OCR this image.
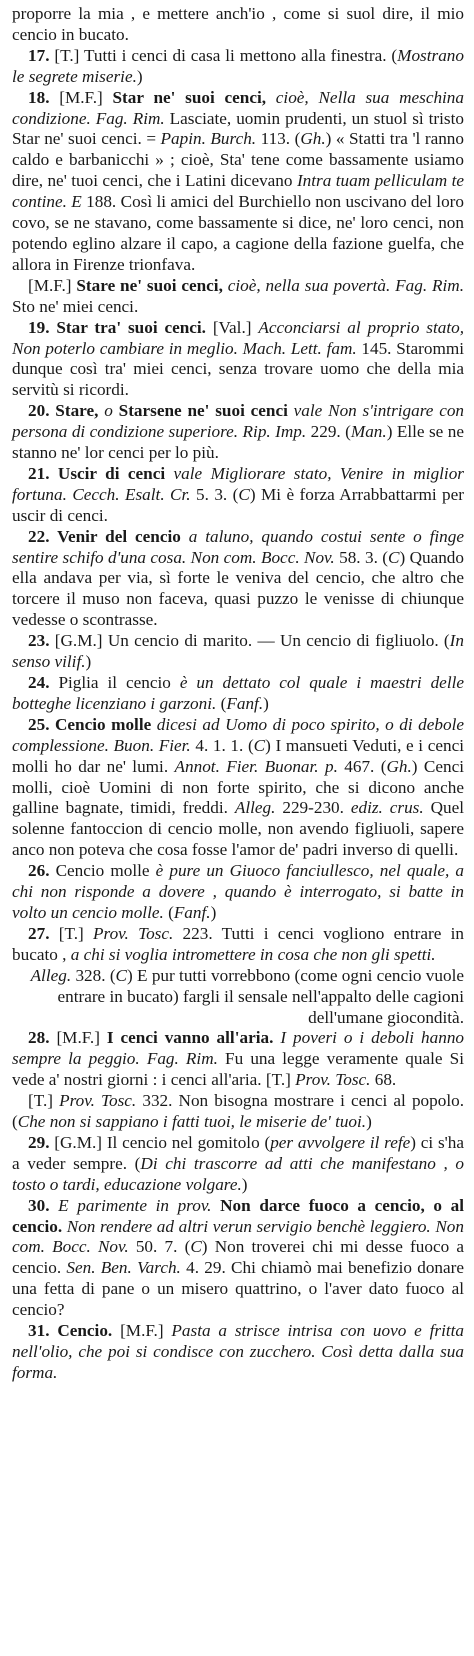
proporre la mia , e mettere anch'io , come si suol dire, il mio cencio in bucato.

17. [T.] Tutti i cenci di casa li mettono alla finestra. (Mostrano le segrete miserie.)

18. [M.F.] Star ne' suoi cenci, cioè, Nella sua meschina condizione. Fag. Rim. Lasciate, uomin prudenti, un stuol sì tristo Star ne' suoi cenci. = Papin. Burch. 113. (Gh.) « Statti tra 'l ranno caldo e barbanicchi » ; cioè, Sta' tene come bassamente usiamo dire, ne' tuoi cenci, che i Latini dicevano Intra tuam pelliculam te contine. E 188. Così li amici del Burchiello non uscivano del loro covo, se ne stavano, come bassamente si dice, ne' loro cenci, non potendo eglino alzare il capo, a cagione della fazione guelfa, che allora in Firenze trionfava.

[M.F.] Stare ne' suoi cenci, cioè, nella sua povertà. Fag. Rim. Sto ne' miei cenci.

19. Star tra' suoi cenci. [Val.] Acconciarsi al proprio stato, Non poterlo cambiare in meglio. Mach. Lett. fam. 145. Starommi dunque così tra' miei cenci, senza trovare uomo che della mia servitù si ricordi.

20. Stare, o Starsene ne' suoi cenci vale Non s'intrigare con persona di condizione superiore. Rip. Imp. 229. (Man.) Elle se ne stanno ne' lor cenci per lo più.

21. Uscir di cenci vale Migliorare stato, Venire in miglior fortuna. Cecch. Esalt. Cr. 5. 3. (C) Mi è forza Arrabbattarmi per uscir di cenci.

22. Venir del cencio a taluno, quando costui sente o finge sentire schifo d'una cosa. Non com. Bocc. Nov. 58. 3. (C) Quando ella andava per via, sì forte le veniva del cencio, che altro che torcere il muso non faceva, quasi puzzo le venisse di chiunque vedesse o scontrasse.

23. [G.M.] Un cencio di marito. — Un cencio di figliuolo. (In senso vilif.)

24. Piglia il cencio è un dettato col quale i maestri delle botteghe licenziano i garzoni. (Fanf.)

25. Cencio molle dicesi ad Uomo di poco spirito, o di debole complessione. Buon. Fier. 4. 1. 1. (C) I mansueti Veduti, e i cenci molli ho dar ne' lumi. Annot. Fier. Buonar. p. 467. (Gh.) Cenci molli, cioè Uomini di non forte spirito, che si dicono anche galline bagnate, timidi, freddi. Alleg. 229-230. ediz. crus. Quel solenne fantoccion di cencio molle, non avendo figliuoli, sapere anco non poteva che cosa fosse l'amor de' padri inverso di quelli.

26. Cencio molle è pure un Giuoco fanciullesco, nel quale, a chi non risponde a dovere , quando è interrogato, si batte in volto un cencio molle. (Fanf.)

27. [T.] Prov. Tosc. 223. Tutti i cenci vogliono entrare in bucato , a chi si voglia intromettere in cosa che non gli spetti.

Alleg. 328. (C) E pur tutti vorrebbono (come ogni cencio vuole entrare in bucato) fargli il sensale nell'appalto delle cagioni dell'umane giocondità.

28. [M.F.] I cenci vanno all'aria. I poveri o i deboli hanno sempre la peggio. Fag. Rim. Fu una legge veramente quale Si vede a' nostri giorni : i cenci all'aria. [T.] Prov. Tosc. 68.

[T.] Prov. Tosc. 332. Non bisogna mostrare i cenci al popolo. (Che non si sappiano i fatti tuoi, le miserie de' tuoi.)

29. [G.M.] Il cencio nel gomitolo (per avvolgere il refe) ci s'ha a veder sempre. (Di chi trascorre ad atti che manifestano , o tosto o tardi, educazione volgare.)

30. E parimente in prov. Non darce fuoco a cencio, o al cencio. Non rendere ad altri verun servigio benchè leggiero. Non com. Bocc. Nov. 50. 7. (C) Non troverei chi mi desse fuoco a cencio. Sen. Ben. Varch. 4. 29. Chi chiamò mai benefizio donare una fetta di pane o un misero quattrino, o l'aver dato fuoco al cencio?

31. Cencio. [M.F.] Pasta a strisce intrisa con uovo e fritta nell'olio, che poi si condisce con zucchero. Così detta dalla sua forma.
